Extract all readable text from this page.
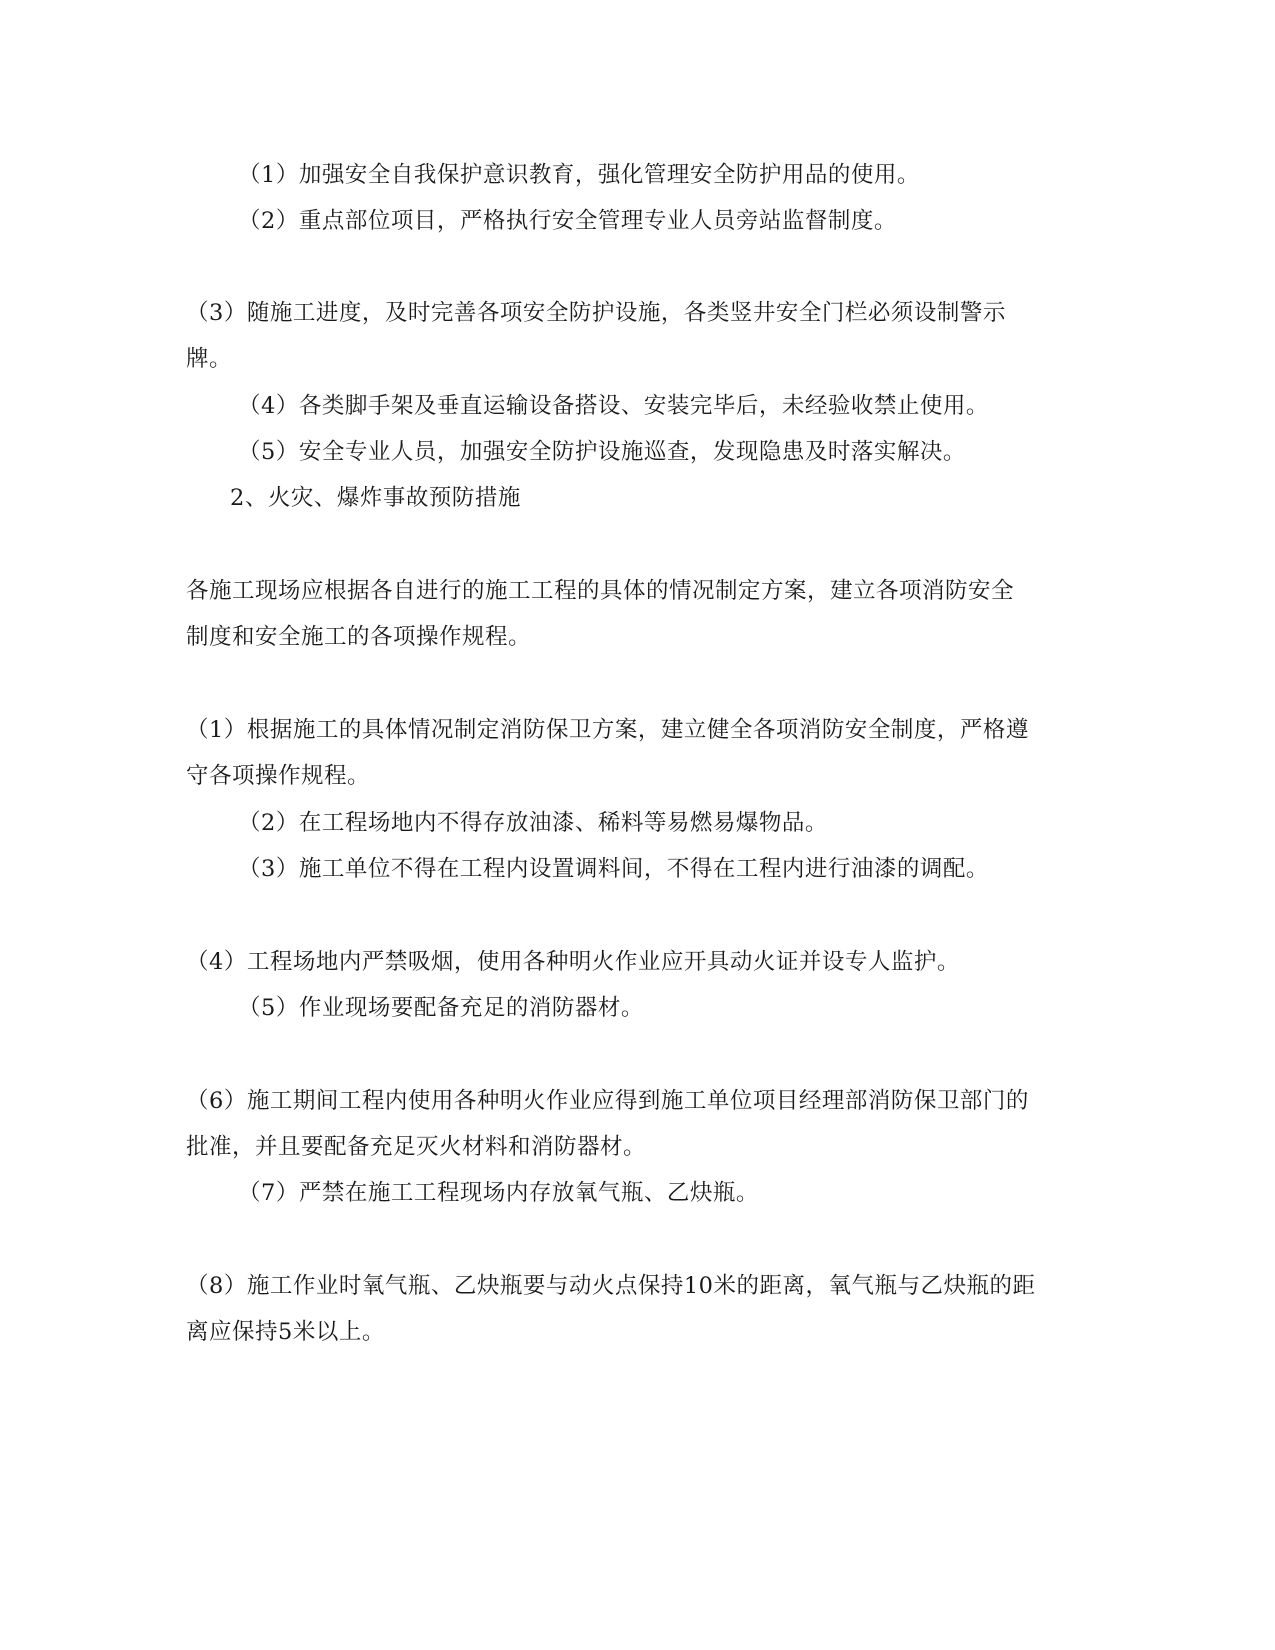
（1）加强安全自我保护意识教育，强化管理安全防护用品的使用。

（2）重点部位项目，严格执行安全管理专业人员旁站监督制度。

（3）随施工进度，及时完善各项安全防护设施，各类竖井安全门栏必须设制警示牌。

（4）各类脚手架及垂直运输设备搭设、安装完毕后，未经验收禁止使用。

（5）安全专业人员，加强安全防护设施巡查，发现隐患及时落实解决。

2、火灾、爆炸事故预防措施

各施工现场应根据各自进行的施工工程的具体的情况制定方案，建立各项消防安全制度和安全施工的各项操作规程。

（1）根据施工的具体情况制定消防保卫方案，建立健全各项消防安全制度，严格遵守各项操作规程。

（2）在工程场地内不得存放油漆、稀料等易燃易爆物品。

（3）施工单位不得在工程内设置调料间，不得在工程内进行油漆的调配。

（4）工程场地内严禁吸烟，使用各种明火作业应开具动火证并设专人监护。

（5）作业现场要配备充足的消防器材。

（6）施工期间工程内使用各种明火作业应得到施工单位项目经理部消防保卫部门的批准，并且要配备充足灭火材料和消防器材。

（7）严禁在施工工程现场内存放氧气瓶、乙炔瓶。

（8）施工作业时氧气瓶、乙炔瓶要与动火点保持10米的距离，氧气瓶与乙炔瓶的距离应保持5米以上。
